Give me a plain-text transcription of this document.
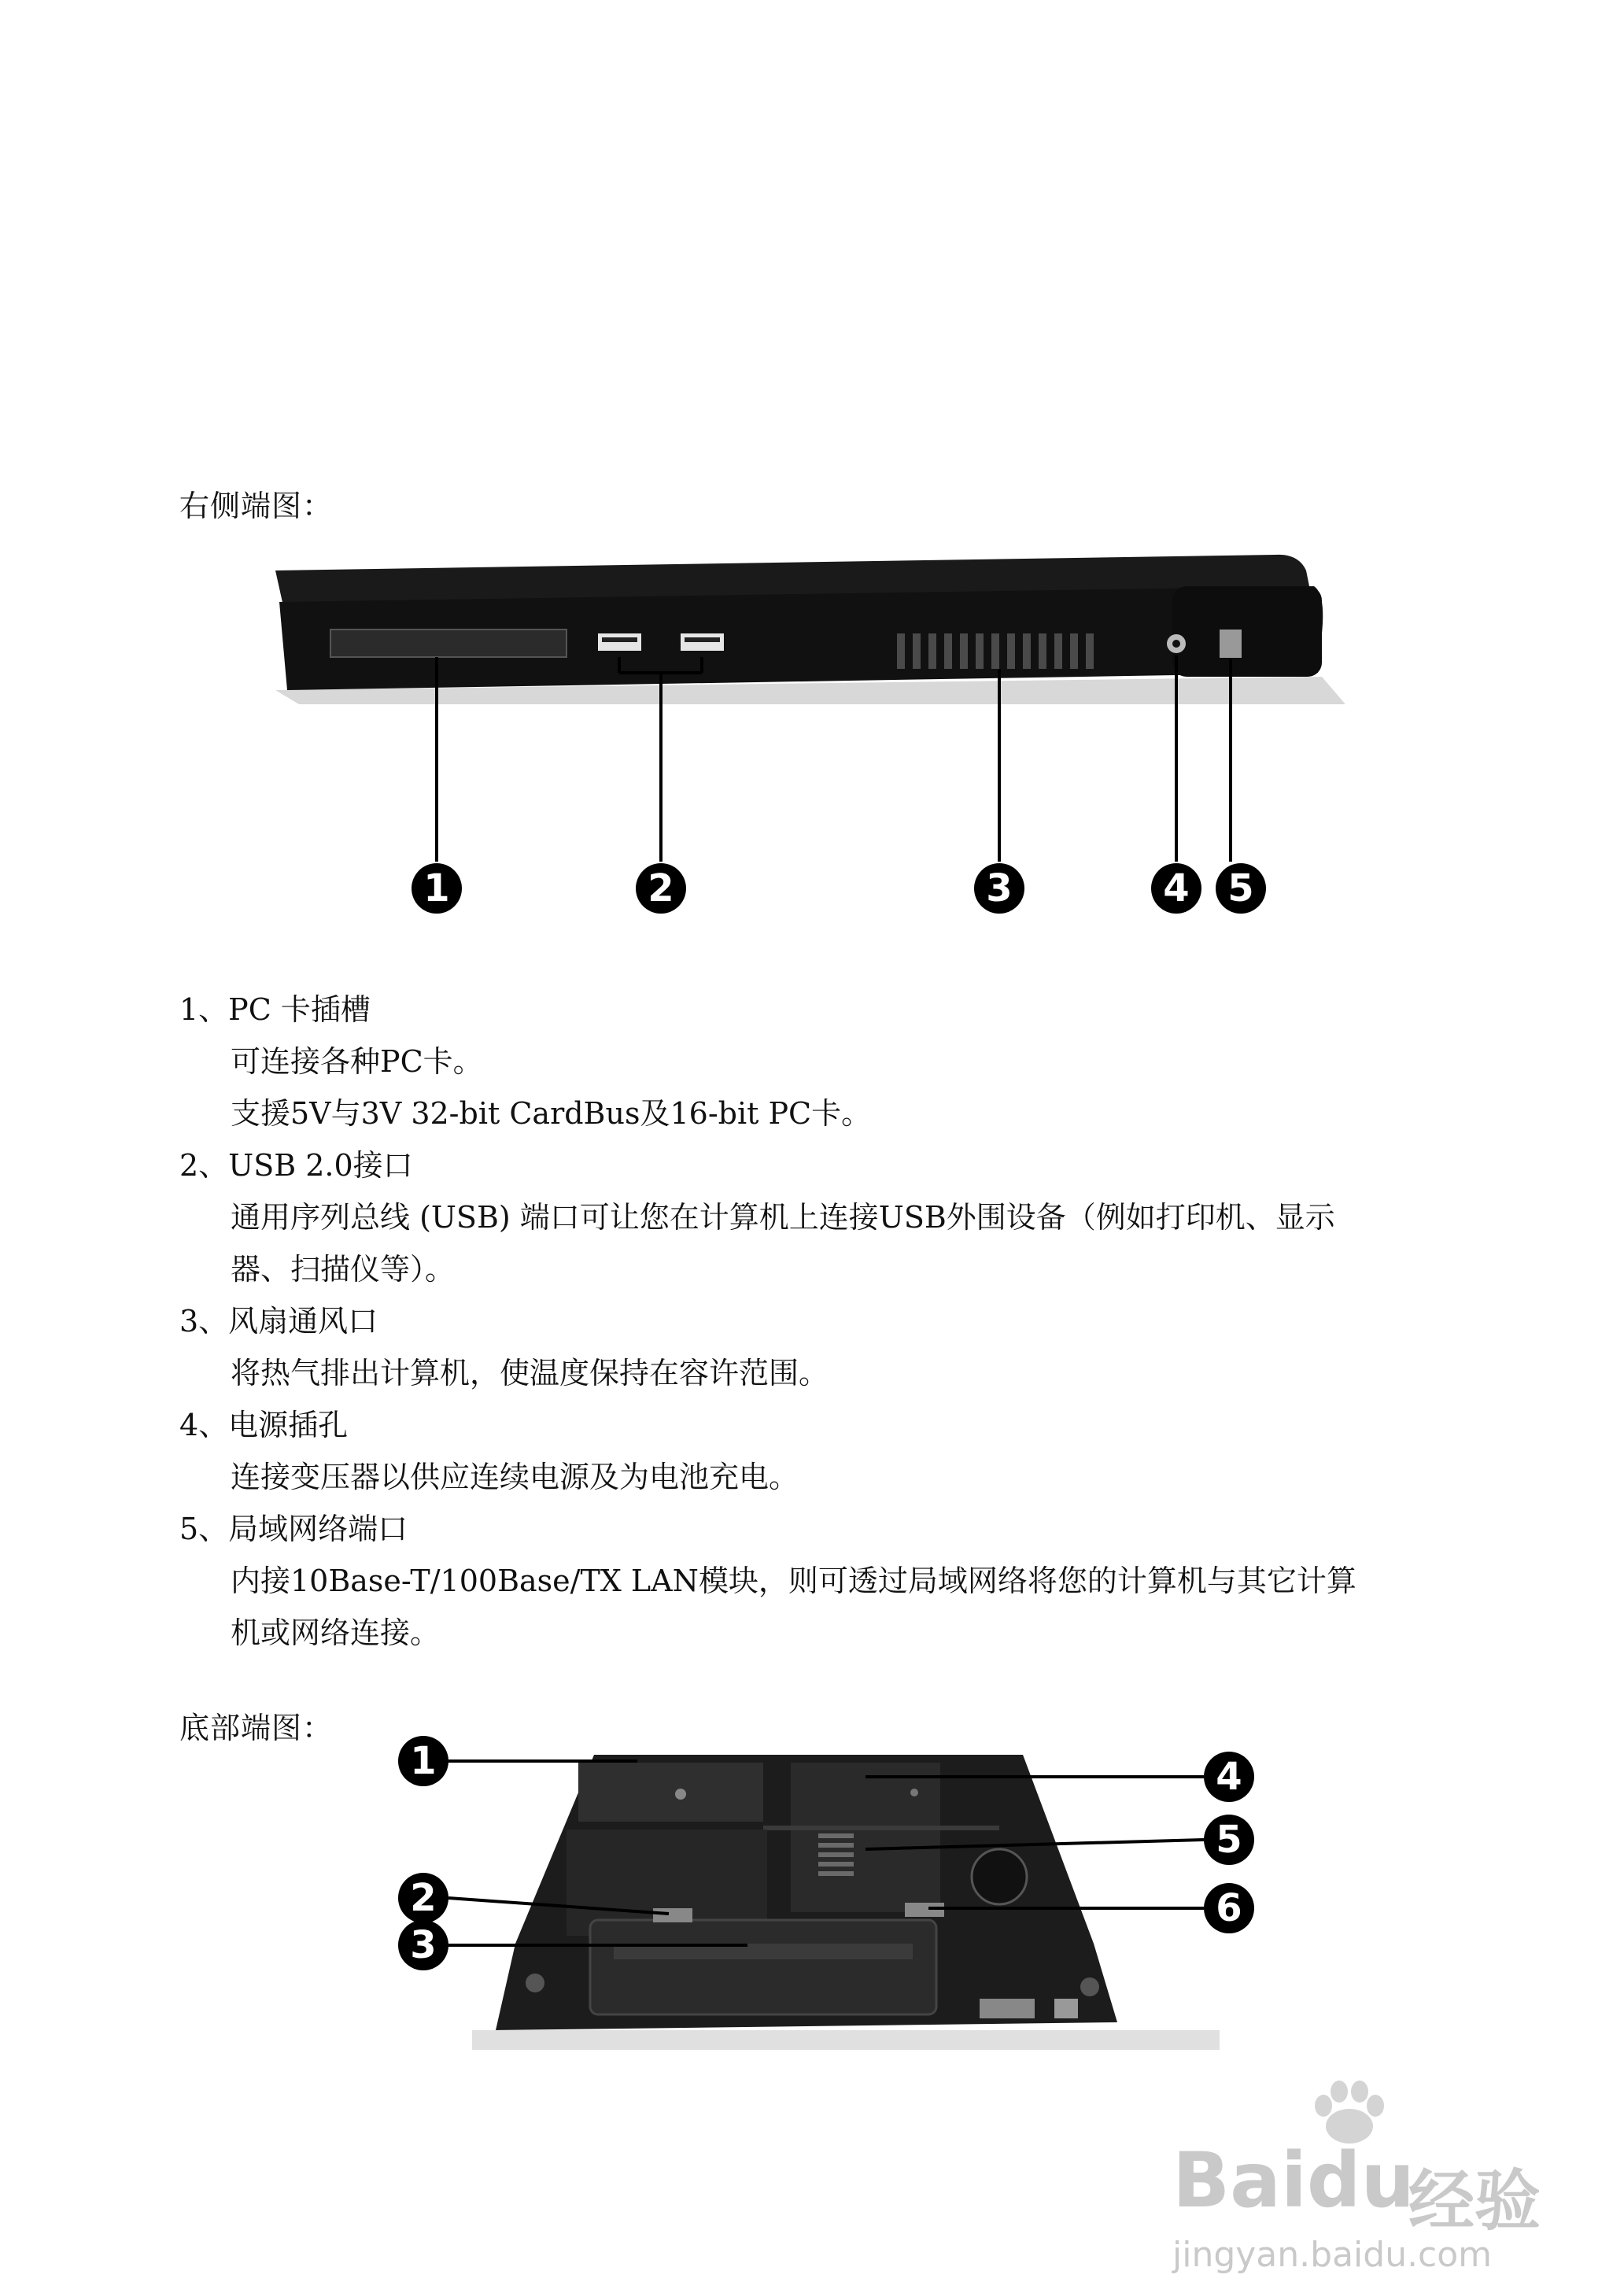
右侧端图：
1	2	3	4	5
1、PC 卡插槽
可连接各种PC卡。
支援5V与3V 32-bit CardBus及16-bit PC卡。
2、USB 2.0接口
通用序列总线 (USB) 端口可让您在计算机上连接USB外围设备（例如打印机、显示
器、扫描仪等）。
3、风扇通风口
将热气排出计算机，使温度保持在容许范围。
4、电源插孔
连接变压器以供应连续电源及为电池充电。
5、局域网络端口
内接10Base-T/100Base/TX LAN模块，则可透过局域网络将您的计算机与其它计算
机或网络连接。
底部端图：
1
2
3
4
5
6
Baidu
经验
jingyan.baidu.com
